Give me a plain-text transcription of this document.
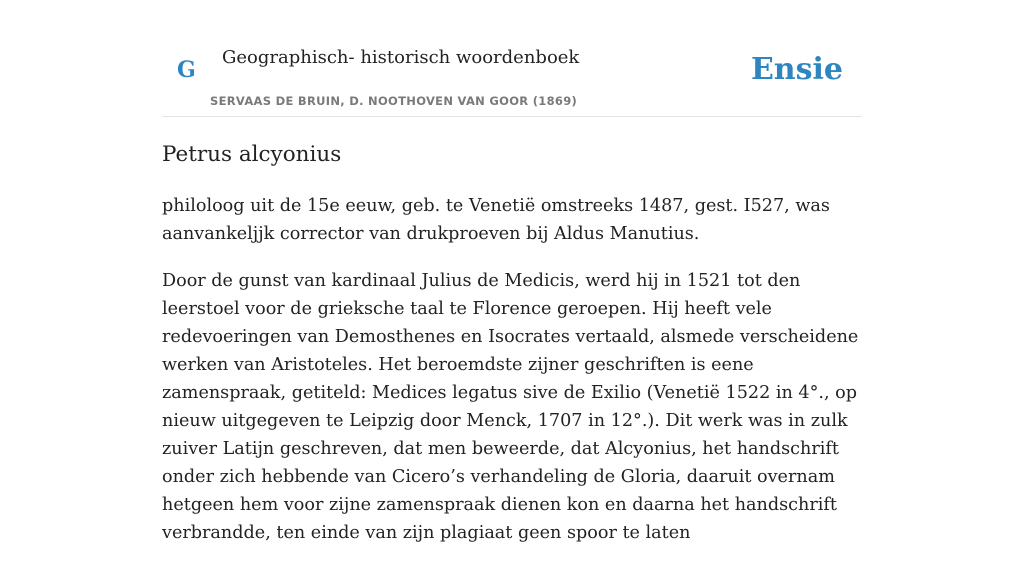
G Geographisch- historisch woordenboek
SERVAAS DE BRUIN, D. NOOTHOVEN VAN GOOR (1869)
Ensie
Petrus alcyonius

philoloog uit de 15e eeuw, geb. te Venetië omstreeks 1487, gest. I527, was aanvankeljjk corrector van drukproeven bij Aldus Manutius.

Door de gunst van kardinaal Julius de Medicis, werd hij in 1521 tot den leerstoel voor de grieksche taal te Florence geroepen. Hij heeft vele redevoeringen van Demosthenes en Isocrates vertaald, alsmede verscheidene werken van Aristoteles. Het beroemdste zijner geschriften is eene zamenspraak, getiteld: Medices legatus sive de Exilio (Venetië 1522 in 4°., op nieuw uitgegeven te Leipzig door Menck, 1707 in 12°.). Dit werk was in zulk zuiver Latijn geschreven, dat men beweerde, dat Alcyonius, het handschrift onder zich hebbende van Cicero’s verhandeling de Gloria, daaruit overnam hetgeen hem voor zijne zamenspraak dienen kon en daarna het handschrift verbrandde, ten einde van zijn plagiaat geen spoor te laten
